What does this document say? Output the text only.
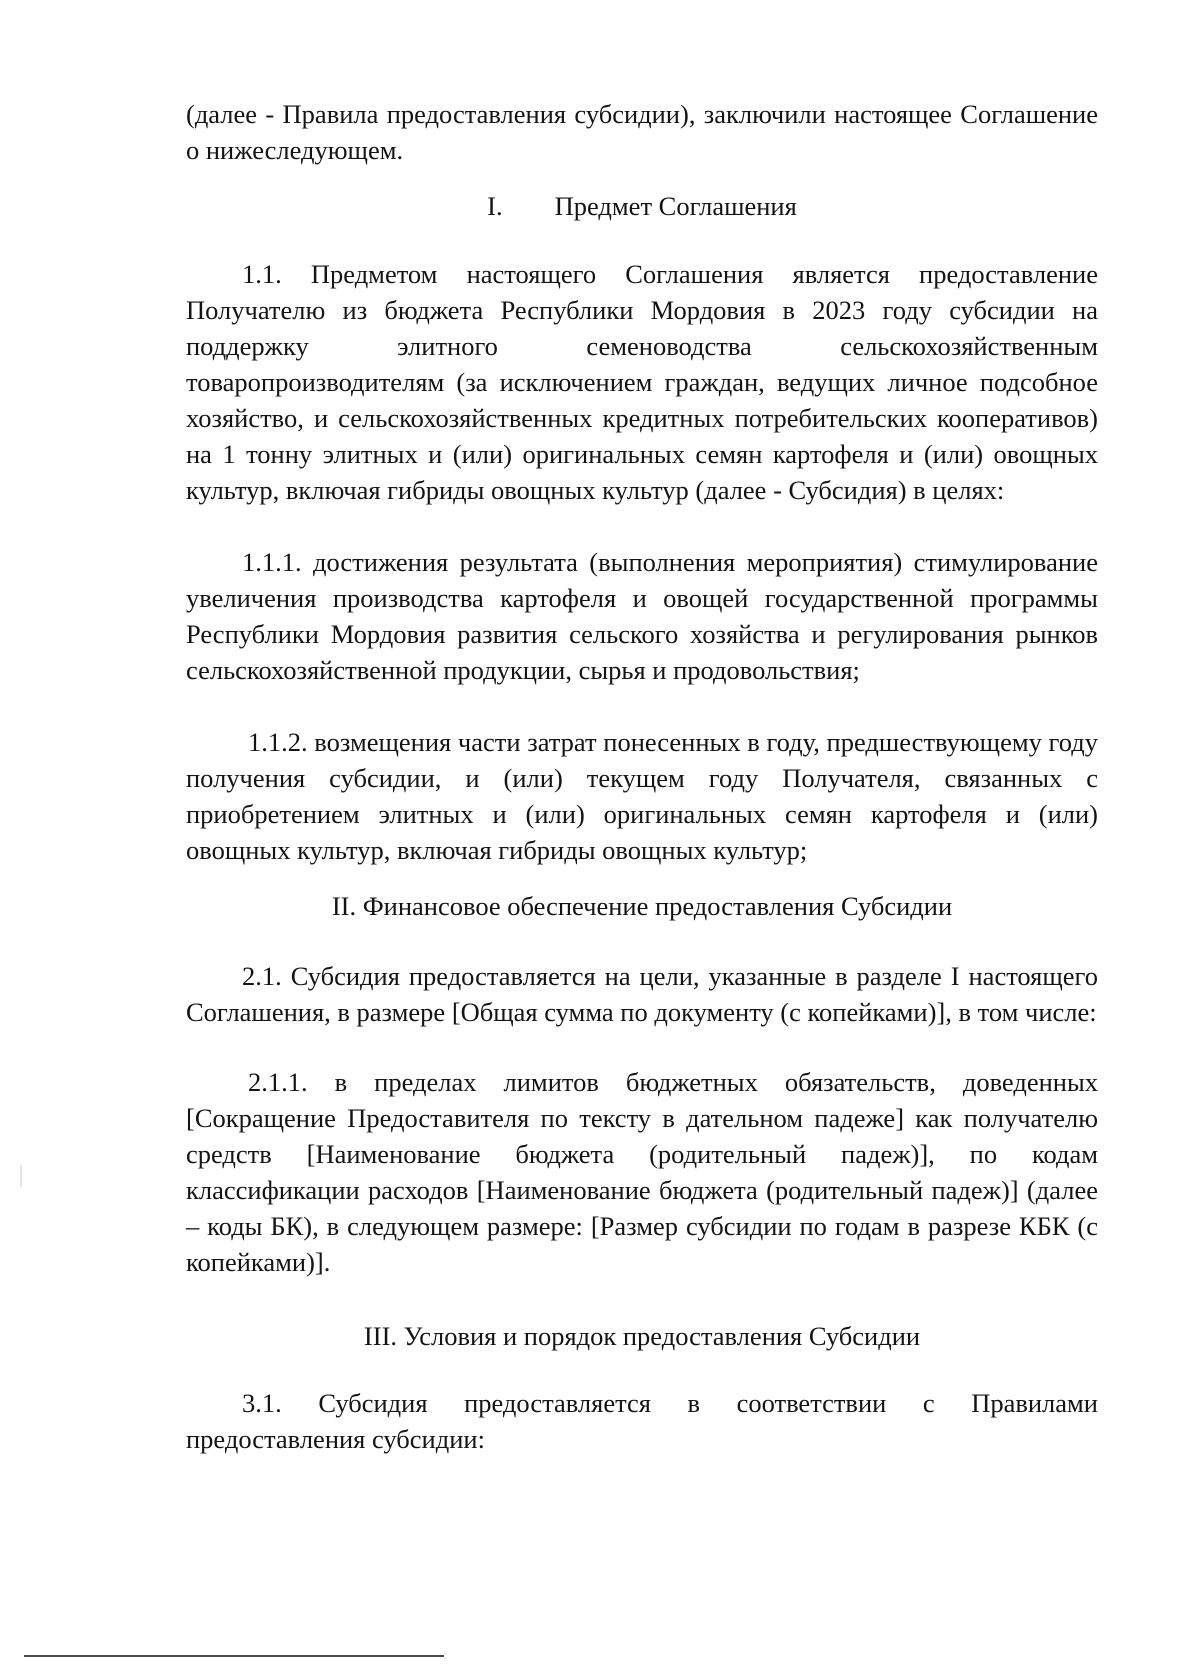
(далее - Правила предоставления субсидии), заключили настоящее Соглашение о нижеследующем.

I. Предмет Соглашения

1.1. Предметом настоящего Соглашения является предоставление Получателю из бюджета Республики Мордовия в 2023 году субсидии на поддержку элитного семеноводства сельскохозяйственным товаропроизводителям (за исключением граждан, ведущих личное подсобное хозяйство, и сельскохозяйственных кредитных потребительских кооперативов) на 1 тонну элитных и (или) оригинальных семян картофеля и (или) овощных культур, включая гибриды овощных культур (далее - Субсидия) в целях:

1.1.1. достижения результата (выполнения мероприятия) стимулирование увеличения производства картофеля и овощей государственной программы Республики Мордовия развития сельского хозяйства и регулирования рынков сельскохозяйственной продукции, сырья и продовольствия;

1.1.2. возмещения части затрат понесенных в году, предшествующему году получения субсидии, и (или) текущем году Получателя, связанных с приобретением элитных и (или) оригинальных семян картофеля и (или) овощных культур, включая гибриды овощных культур;

II. Финансовое обеспечение предоставления Субсидии

2.1. Субсидия предоставляется на цели, указанные в разделе I настоящего Соглашения, в размере [Общая сумма по документу (с копейками)], в том числе:

2.1.1. в пределах лимитов бюджетных обязательств, доведенных [Сокращение Предоставителя по тексту в дательном падеже] как получателю средств [Наименование бюджета (родительный падеж)], по кодам классификации расходов [Наименование бюджета (родительный падеж)] (далее – коды БК), в следующем размере: [Размер субсидии по годам в разрезе КБК (с копейками)].

III. Условия и порядок предоставления Субсидии

3.1. Субсидия предоставляется в соответствии с Правилами предоставления субсидии:
